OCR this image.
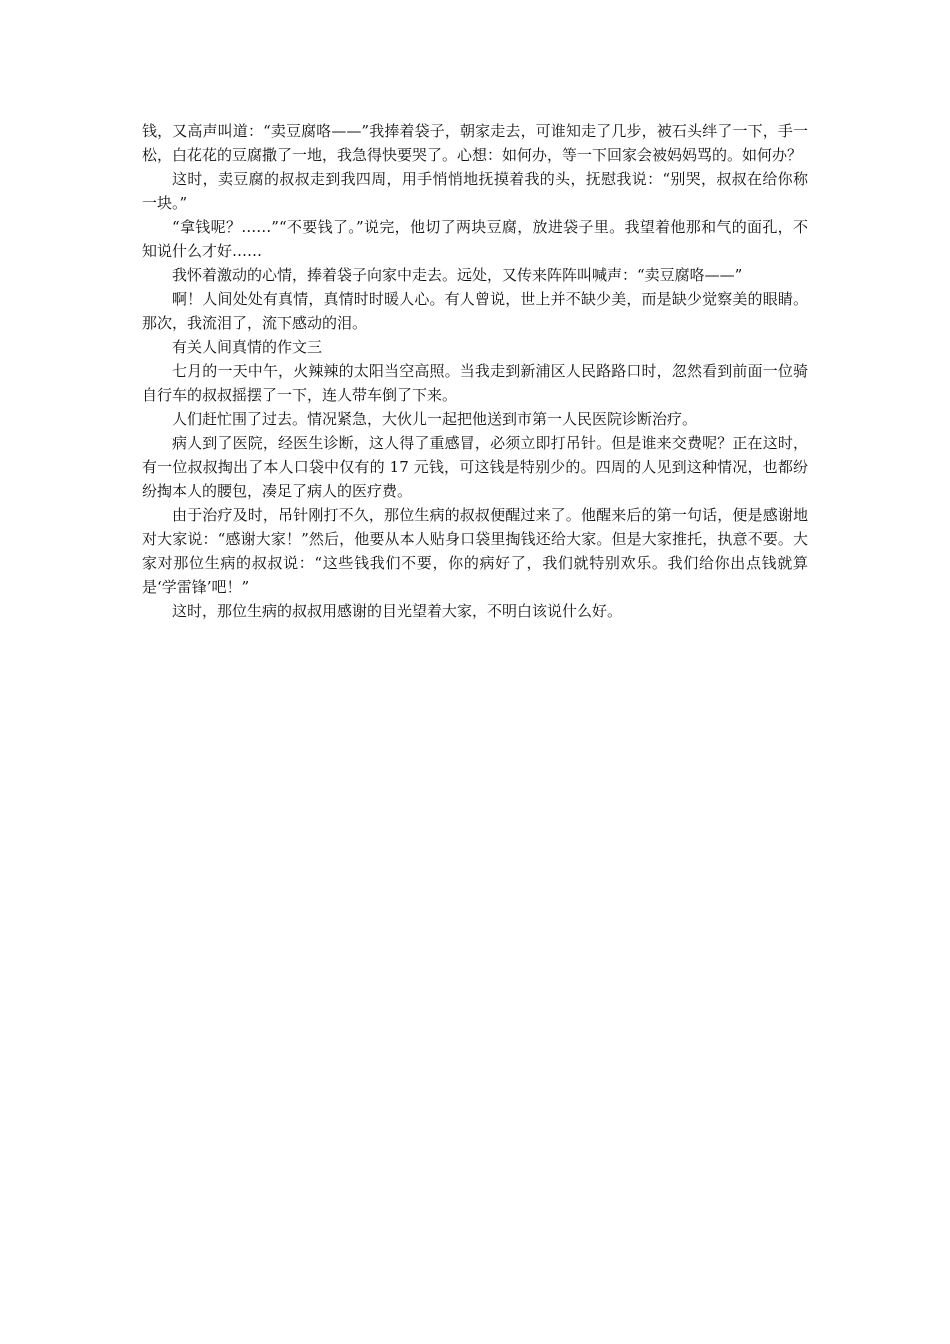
钱，又高声叫道：“卖豆腐咯——”我捧着袋子，朝家走去，可谁知走了几步，被石头绊了一下，手一松，白花花的豆腐撒了一地，我急得快要哭了。心想：如何办，等一下回家会被妈妈骂的。如何办？

这时，卖豆腐的叔叔走到我四周，用手悄悄地抚摸着我的头，抚慰我说：“别哭，叔叔在给你称一块。”

“拿钱呢？……”“不要钱了。”说完，他切了两块豆腐，放进袋子里。我望着他那和气的面孔，不知说什么才好……

我怀着激动的心情，捧着袋子向家中走去。远处，又传来阵阵叫喊声：“卖豆腐咯——”

啊！人间处处有真情，真情时时暖人心。有人曾说，世上并不缺少美，而是缺少觉察美的眼睛。那次，我流泪了，流下感动的泪。

有关人间真情的作文三

七月的一天中午，火辣辣的太阳当空高照。当我走到新浦区人民路路口时，忽然看到前面一位骑自行车的叔叔摇摆了一下，连人带车倒了下来。

人们赶忙围了过去。情况紧急，大伙儿一起把他送到市第一人民医院诊断治疗。

病人到了医院，经医生诊断，这人得了重感冒，必须立即打吊针。但是谁来交费呢？正在这时，有一位叔叔掏出了本人口袋中仅有的 17 元钱，可这钱是特别少的。四周的人见到这种情况，也都纷纷掏本人的腰包，凑足了病人的医疗费。

由于治疗及时，吊针刚打不久，那位生病的叔叔便醒过来了。他醒来后的第一句话，便是感谢地对大家说：“感谢大家！”然后，他要从本人贴身口袋里掏钱还给大家。但是大家推托，执意不要。大家对那位生病的叔叔说：“这些钱我们不要，你的病好了，我们就特别欢乐。我们给你出点钱就算是‘学雷锋’吧！”

这时，那位生病的叔叔用感谢的目光望着大家，不明白该说什么好。
